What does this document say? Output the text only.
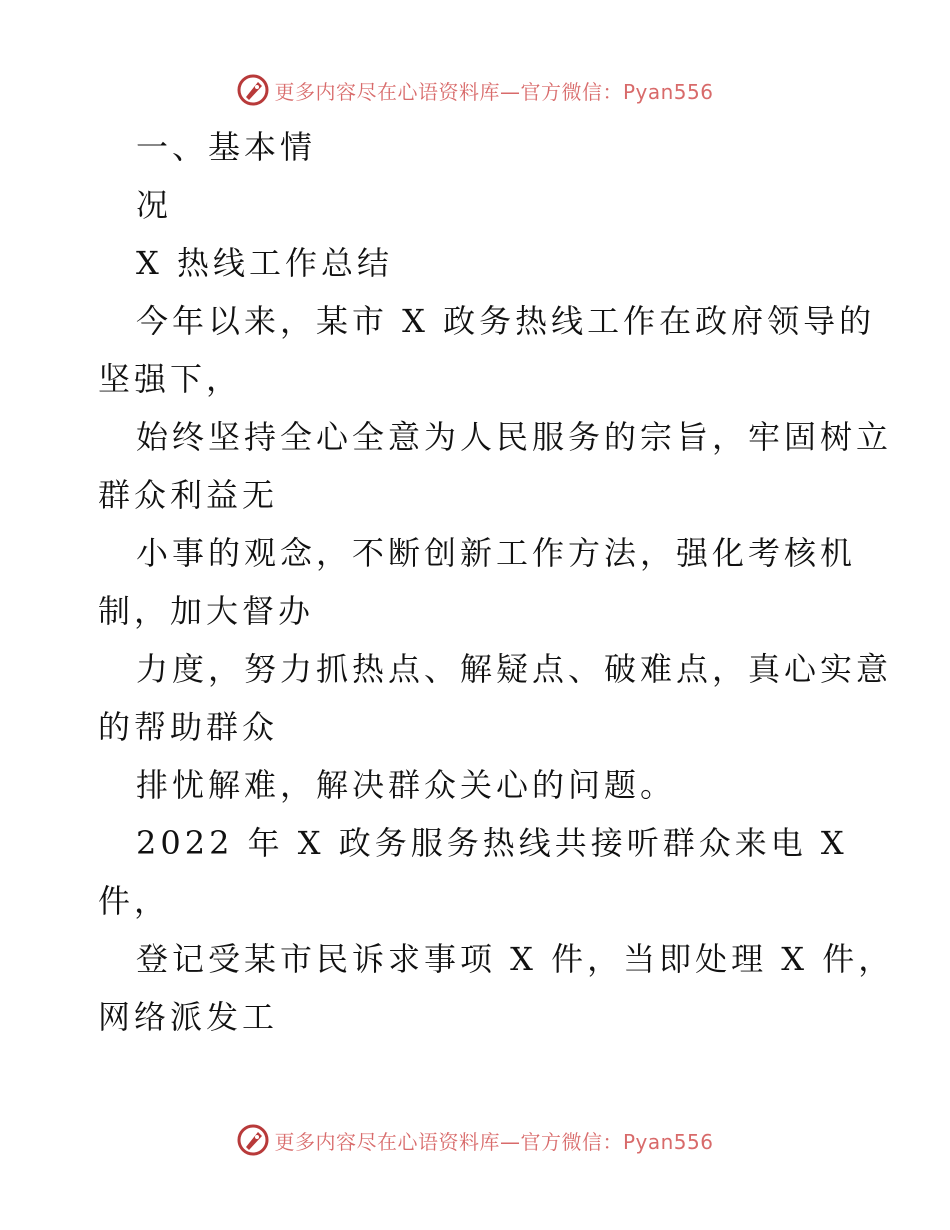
更多内容尽在心语资料库—官方微信：Pyan556
一、基本情
况
X 热线工作总结
今年以来，某市 X 政务热线工作在政府领导的
坚强下，
始终坚持全心全意为人民服务的宗旨，牢固树立
群众利益无
小事的观念，不断创新工作方法，强化考核机
制，加大督办
力度，努力抓热点、解疑点、破难点，真心实意
的帮助群众
排忧解难，解决群众关心的问题。
2022 年 X 政务服务热线共接听群众来电 X
件，
登记受某市民诉求事项 X 件，当即处理 X 件，
网络派发工
更多内容尽在心语资料库—官方微信：Pyan556
